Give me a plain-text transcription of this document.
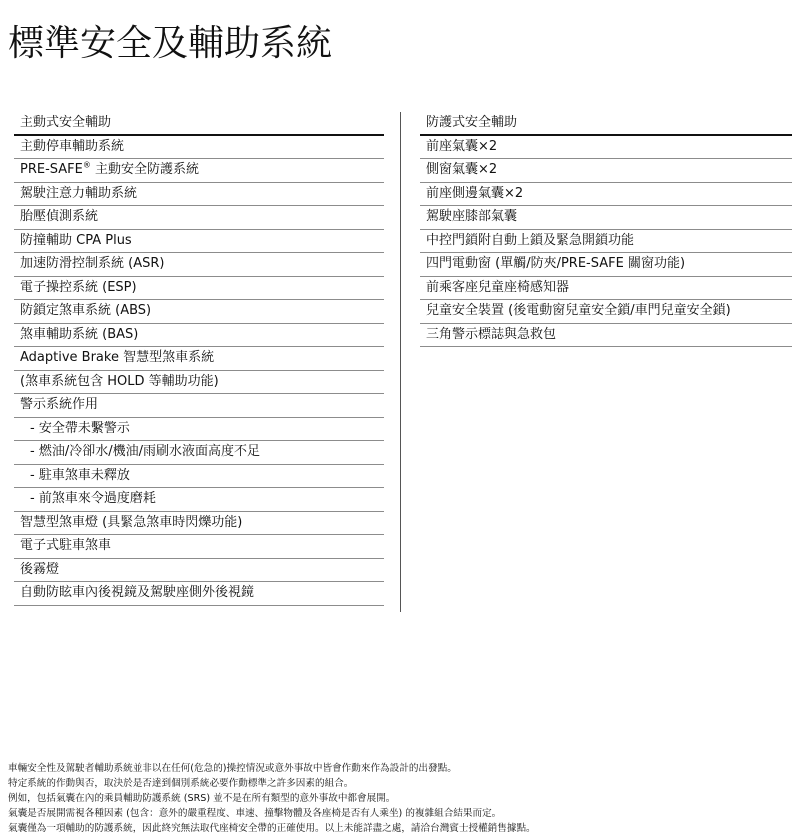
標準安全及輔助系統
主動式安全輔助
主動停車輔助系統
PRE-SAFE® 主動安全防護系統
駕駛注意力輔助系統
胎壓偵測系統
防撞輔助 CPA Plus
加速防滑控制系統 (ASR)
電子操控系統 (ESP)
防鎖定煞車系統 (ABS)
煞車輔助系統 (BAS)
Adaptive Brake 智慧型煞車系統
(煞車系統包含 HOLD 等輔助功能)
警示系統作用
- 安全帶未繫警示
- 燃油/冷卻水/機油/雨刷水液面高度不足
- 駐車煞車未釋放
- 前煞車來令過度磨耗
智慧型煞車燈 (具緊急煞車時閃爍功能)
電子式駐車煞車
後霧燈
自動防眩車內後視鏡及駕駛座側外後視鏡
防護式安全輔助
前座氣囊×2
側窗氣囊×2
前座側邊氣囊×2
駕駛座膝部氣囊
中控門鎖附自動上鎖及緊急開鎖功能
四門電動窗 (單觸/防夾/PRE-SAFE 關窗功能)
前乘客座兒童座椅感知器
兒童安全裝置 (後電動窗兒童安全鎖/車門兒童安全鎖)
三角警示標誌與急救包

車輛安全性及駕駛者輔助系統並非以在任何(危急的)操控情況或意外事故中皆會作動來作為設計的出發點。

特定系統的作動與否，取決於是否達到個別系統必要作動標準之許多因素的組合。

例如，包括氣囊在內的乘員輔助防護系統 (SRS) 並不是在所有類型的意外事故中都會展開。

氣囊是否展開需視各種因素 (包含：意外的嚴重程度、車速、撞擊物體及各座椅是否有人乘坐) 的複雜組合結果而定。

氣囊僅為一項輔助的防護系統，因此終究無法取代座椅安全帶的正確使用。以上未能詳盡之處，請洽台灣賓士授權銷售據點。
